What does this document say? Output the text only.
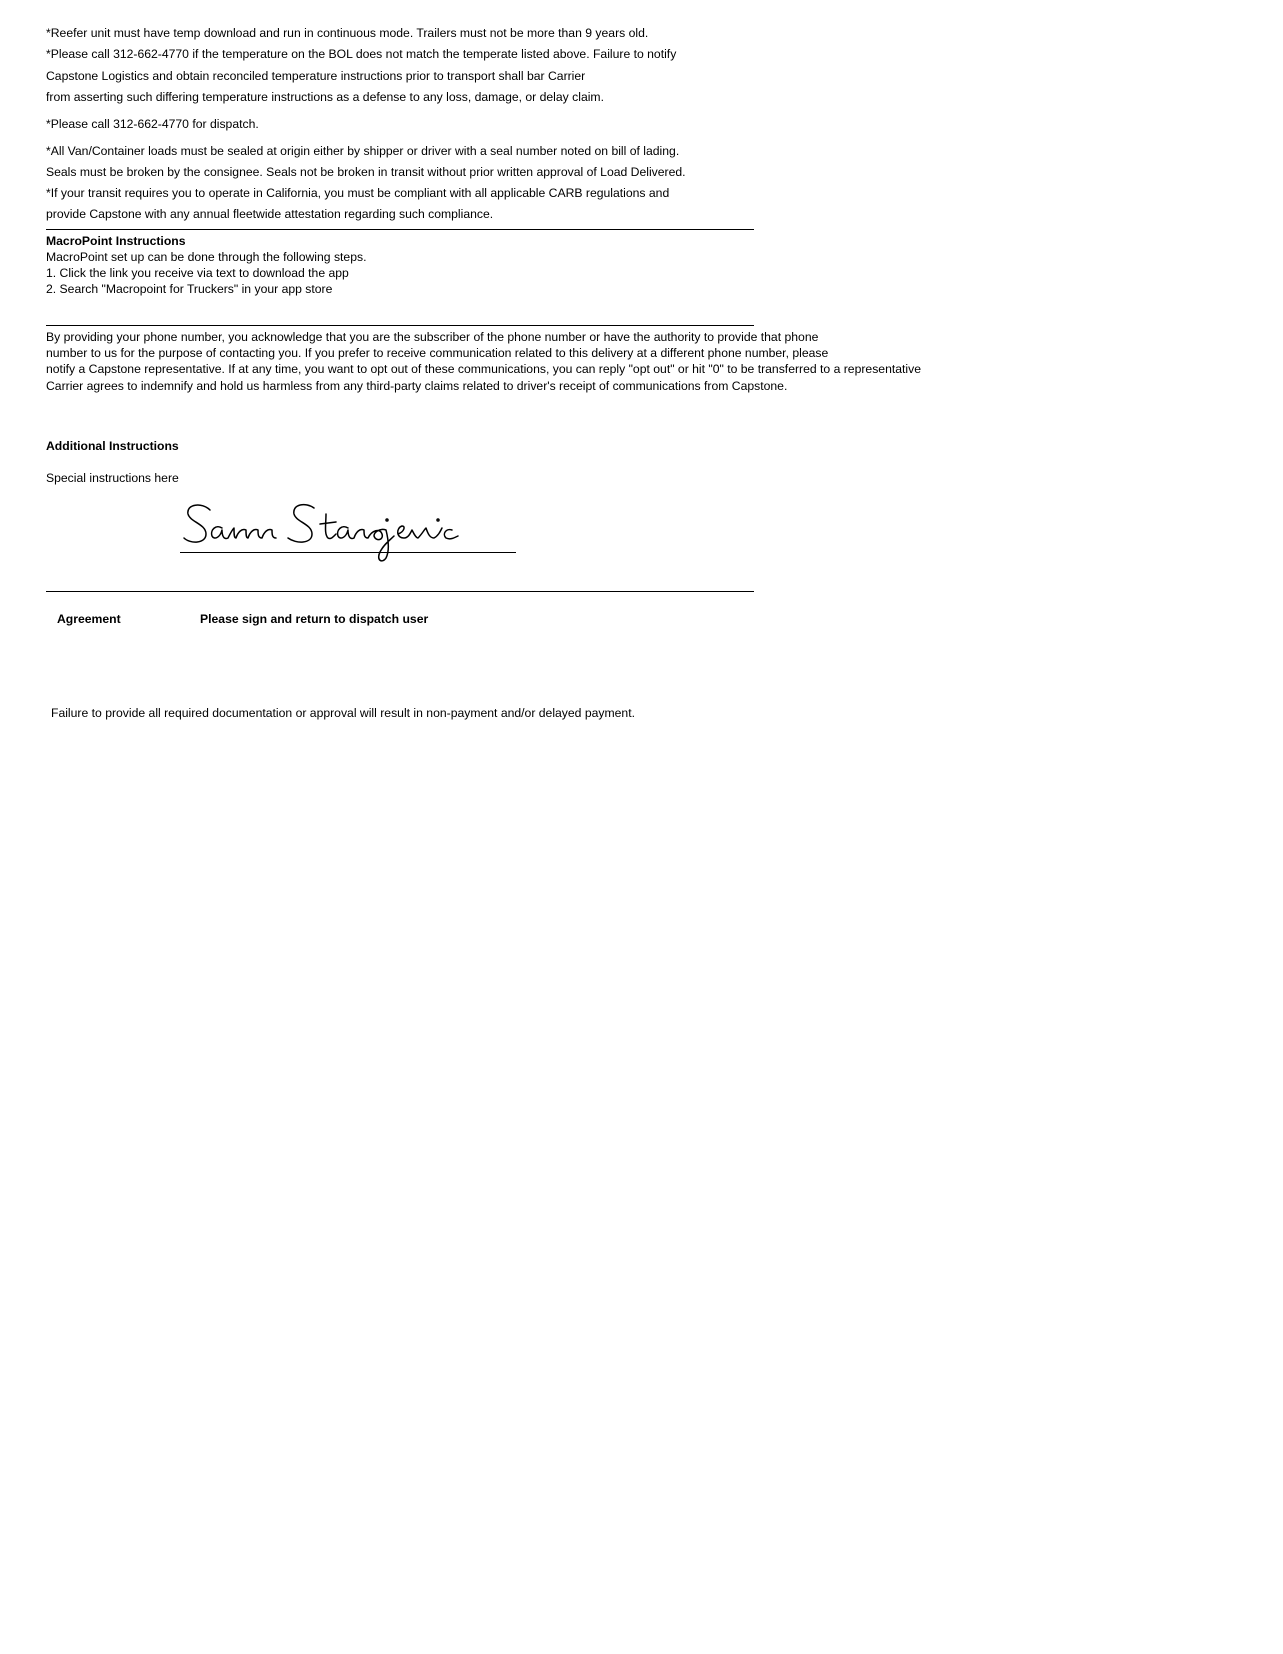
*Reefer unit must have temp download and run in continuous mode. Trailers must not be more than 9 years old.
*Please call 312-662-4770 if the temperature on the BOL does not match the temperate listed above. Failure to notify
Capstone Logistics and obtain reconciled temperature instructions prior to transport shall bar Carrier
from asserting such differing temperature instructions as a defense to any loss, damage, or delay claim.
*Please call 312-662-4770 for dispatch.
*All Van/Container loads must be sealed at origin either by shipper or driver with a seal number noted on bill of lading.
Seals must be broken by the consignee. Seals not be broken in transit without prior written approval of Load Delivered.
*If your transit requires you to operate in California, you must be compliant with all applicable CARB regulations and
provide Capstone with any annual fleetwide attestation regarding such compliance.
MacroPoint Instructions
MacroPoint set up can be done through the following steps.
1. Click the link you receive via text to download the app
2. Search "Macropoint for Truckers" in your app store
By providing your phone number, you acknowledge that you are the subscriber of the phone number or have the authority to provide that phone
number to us for the purpose of contacting you. If you prefer to receive communication related to this delivery at a different phone number, please
notify a Capstone representative. If at any time, you want to opt out of these communications, you can reply "opt out" or hit "0" to be transferred to a representative
Carrier agrees to indemnify and hold us harmless from any third-party claims related to driver's receipt of communications from Capstone.
Additional Instructions
Special instructions here
Agreement	Please sign and return to dispatch user
Failure to provide all required documentation or approval will result in non-payment and/or delayed payment.
